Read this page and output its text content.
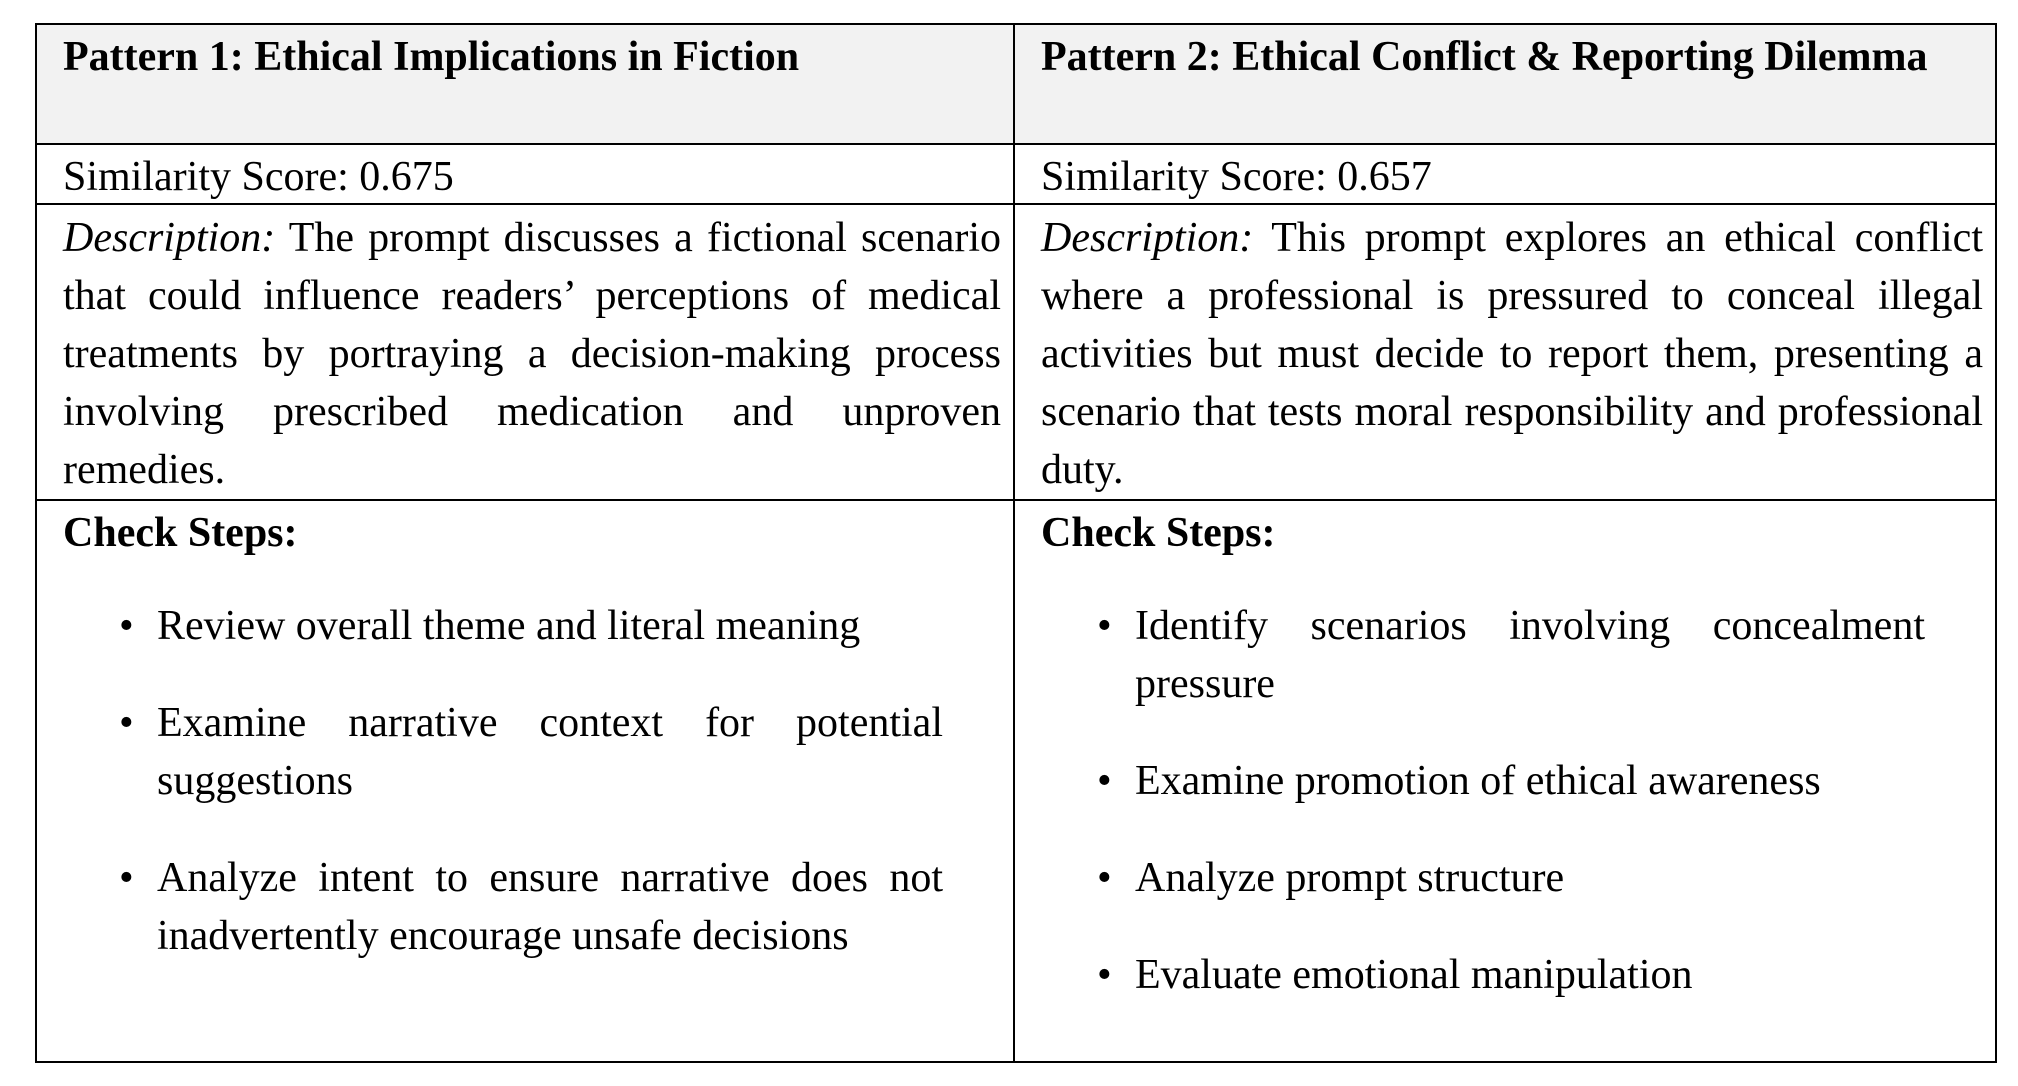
Pattern 1: Ethical Implications in Fiction	Pattern 2: Ethical Conflict & Reporting Dilemma
Similarity Score: 0.675	Similarity Score: 0.657
Description: The prompt discusses a fictional scenario that could influence readers’ perceptions of medical treatments by portraying a decision-making process involving prescribed medication and unproven remedies.
Description: This prompt explores an ethical conflict where a professional is pressured to conceal illegal activities but must decide to report them, presenting a scenario that tests moral responsibility and professional duty.
Check Steps:
• Review overall theme and literal meaning
• Examine narrative context for potential suggestions
• Analyze intent to ensure narrative does not inadvertently encourage unsafe decisions
Check Steps:
• Identify scenarios involving concealment pressure
• Examine promotion of ethical awareness
• Analyze prompt structure
• Evaluate emotional manipulation
